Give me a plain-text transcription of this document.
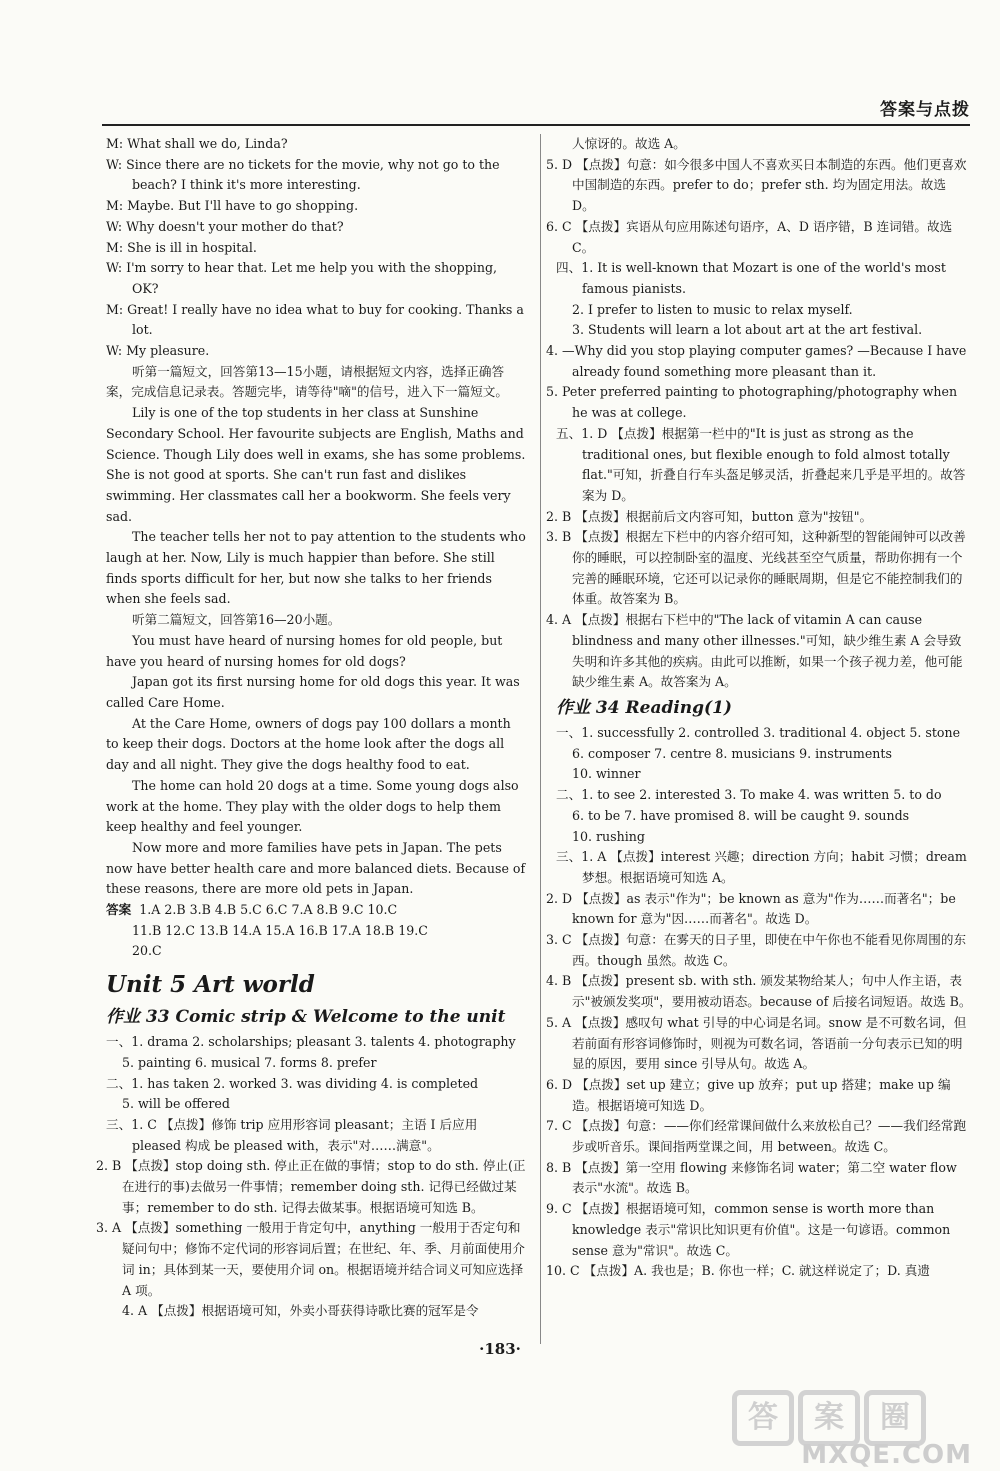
答案与点拨
M: What shall we do, Linda?
W: Since there are no tickets for the movie, why not go to the beach? I think it's more interesting.
M: Maybe. But I'll have to go shopping.
W: Why doesn't your mother do that?
M: She is ill in hospital.
W: I'm sorry to hear that. Let me help you with the shopping, OK?
M: Great! I really have no idea what to buy for cooking. Thanks a lot.
W: My pleasure.
听第一篇短文，回答第13—15小题，请根据短文内容，选择正确答案，完成信息记录表。答题完毕，请等待"嘀"的信号，进入下一篇短文。
Lily is one of the top students in her class at Sunshine Secondary School. Her favourite subjects are English, Maths and Science. Though Lily does well in exams, she has some problems. She is not good at sports. She can't run fast and dislikes swimming. Her classmates call her a bookworm. She feels very sad.
The teacher tells her not to pay attention to the students who laugh at her. Now, Lily is much happier than before. She still finds sports difficult for her, but now she talks to her friends when she feels sad.
听第二篇短文，回答第16—20小题。
You must have heard of nursing homes for old people, but have you heard of nursing homes for old dogs?
Japan got its first nursing home for old dogs this year. It was called Care Home.
At the Care Home, owners of dogs pay 100 dollars a month to keep their dogs. Doctors at the home look after the dogs all day and all night. They give the dogs healthy food to eat.
The home can hold 20 dogs at a time. Some young dogs also work at the home. They play with the older dogs to help them keep healthy and feel younger.
Now more and more families have pets in Japan. The pets now have better health care and more balanced diets. Because of these reasons, there are more old pets in Japan.
答案 1.A 2.B 3.B 4.B 5.C 6.C 7.A 8.B 9.C 10.C
11.B 12.C 13.B 14.A 15.A 16.B 17.A 18.B 19.C
20.C
Unit 5 Art world
作业 33 Comic strip & Welcome to the unit
一、1. drama 2. scholarships; pleasant 3. talents 4. photography
5. painting 6. musical 7. forms 8. prefer
二、1. has taken 2. worked 3. was dividing 4. is completed
5. will be offered
三、1. C 【点拨】修饰 trip 应用形容词 pleasant；主语 I 后应用 pleased 构成 be pleased with，表示"对……满意"。
2. B 【点拨】stop doing sth. 停止正在做的事情；stop to do sth. 停止(正在进行的事)去做另一件事情；remember doing sth. 记得已经做过某事；remember to do sth. 记得去做某事。根据语境可知选 B。
3. A 【点拨】something 一般用于肯定句中，anything 一般用于否定句和疑问句中；修饰不定代词的形容词后置；在世纪、年、季、月前面使用介词 in；具体到某一天，要使用介词 on。根据语境并结合词义可知应选择 A 项。
4. A 【点拨】根据语境可知，外卖小哥获得诗歌比赛的冠军是令
人惊讶的。故选 A。
5. D 【点拨】句意：如今很多中国人不喜欢买日本制造的东西。他们更喜欢中国制造的东西。prefer to do；prefer sth. 均为固定用法。故选 D。
6. C 【点拨】宾语从句应用陈述句语序，A、D 语序错，B 连词错。故选 C。
四、1. It is well-known that Mozart is one of the world's most famous pianists.
2. I prefer to listen to music to relax myself.
3. Students will learn a lot about art at the art festival.
4. —Why did you stop playing computer games? —Because I have already found something more pleasant than it.
5. Peter preferred painting to photographing/photography when he was at college.
五、1. D 【点拨】根据第一栏中的"It is just as strong as the traditional ones, but flexible enough to fold almost totally flat."可知，折叠自行车头盔足够灵活，折叠起来几乎是平坦的。故答案为 D。
2. B 【点拨】根据前后文内容可知，button 意为"按钮"。
3. B 【点拨】根据左下栏中的内容介绍可知，这种新型的智能闹钟可以改善你的睡眠，可以控制卧室的温度、光线甚至空气质量，帮助你拥有一个完善的睡眠环境，它还可以记录你的睡眠周期，但是它不能控制我们的体重。故答案为 B。
4. A 【点拨】根据右下栏中的"The lack of vitamin A can cause blindness and many other illnesses."可知，缺少维生素 A 会导致失明和许多其他的疾病。由此可以推断，如果一个孩子视力差，他可能缺少维生素 A。故答案为 A。
作业 34 Reading(1)
一、1. successfully 2. controlled 3. traditional 4. object 5. stone
6. composer 7. centre 8. musicians 9. instruments
10. winner
二、1. to see 2. interested 3. To make 4. was written 5. to do
6. to be 7. have promised 8. will be caught 9. sounds
10. rushing
三、1. A 【点拨】interest 兴趣；direction 方向；habit 习惯；dream 梦想。根据语境可知选 A。
2. D 【点拨】as 表示"作为"；be known as 意为"作为……而著名"；be known for 意为"因……而著名"。故选 D。
3. C 【点拨】句意：在雾天的日子里，即使在中午你也不能看见你周围的东西。though 虽然。故选 C。
4. B 【点拨】present sb. with sth. 颁发某物给某人；句中人作主语，表示"被颁发奖项"，要用被动语态。because of 后接名词短语。故选 B。
5. A 【点拨】感叹句 what 引导的中心词是名词。snow 是不可数名词，但若前面有形容词修饰时，则视为可数名词，答语前一分句表示已知的明显的原因，要用 since 引导从句。故选 A。
6. D 【点拨】set up 建立；give up 放弃；put up 搭建；make up 编造。根据语境可知选 D。
7. C 【点拨】句意：——你们经常课间做什么来放松自己？——我们经常跑步或听音乐。课间指两堂课之间，用 between。故选 C。
8. B 【点拨】第一空用 flowing 来修饰名词 water；第二空 water flow 表示"水流"。故选 B。
9. C 【点拨】根据语境可知，common sense is worth more than knowledge 表示"常识比知识更有价值"。这是一句谚语。common sense 意为"常识"。故选 C。
10. C 【点拨】A. 我也是；B. 你也一样；C. 就这样说定了；D. 真遗
·183·
答 案 圈
MXQE.COM
